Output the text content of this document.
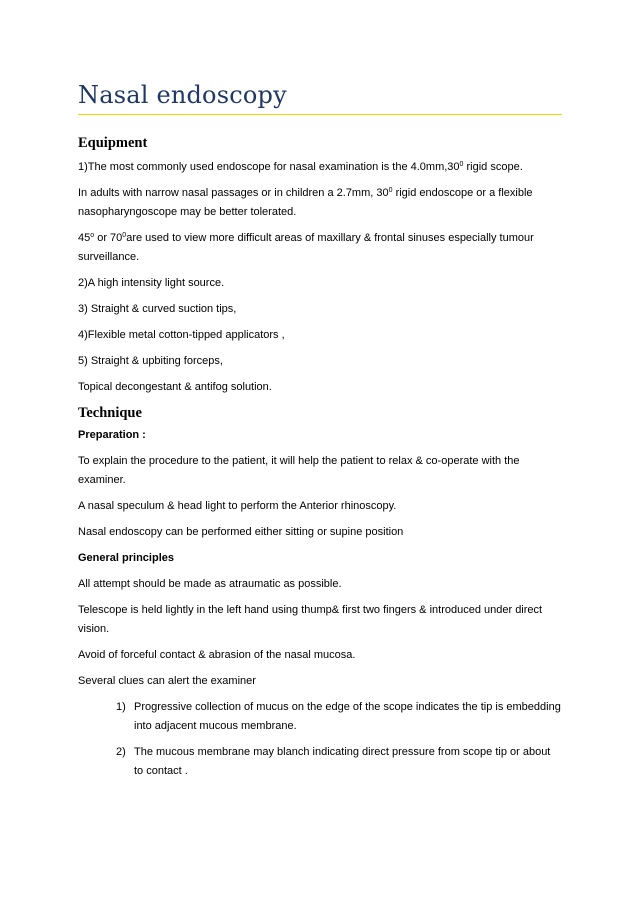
Nasal endoscopy
Equipment

1)The most commonly used endoscope for nasal examination is the $4.0mm,30^0$ rigid scope.

In adults with narrow nasal passages or in children a 2.7mm, $30^0$ rigid endoscope or a flexible nasopharyngoscope may be better tolerated.

45$^o$ or $70^0are$ used to view more difficult areas of maxillary & frontal sinuses especially tumour surveillance.

2)A high intensity light source.

3) Straight & curved suction tips,

4)Flexible metal cotton-tipped applicators ,

5) Straight & upbiting forceps,

Topical decongestant & antifog solution.

Technique

Preparation :

To explain the procedure to the patient, it will help the patient to relax & co-operate with the examiner.

A nasal speculum & head light to perform the Anterior rhinoscopy.

Nasal endoscopy can be performed either sitting or supine position

General principles

All attempt should be made as atraumatic as possible.

Telescope is held lightly in the left hand using thump& first two fingers & introduced under direct vision.

Avoid of forceful contact & abrasion of the nasal mucosa.

Several clues can alert the examiner

1) Progressive collection of mucus on the edge of the scope indicates the tip is embedding into adjacent mucous membrane.
2) The mucous membrane may blanch indicating direct pressure from scope tip or about to contact .
